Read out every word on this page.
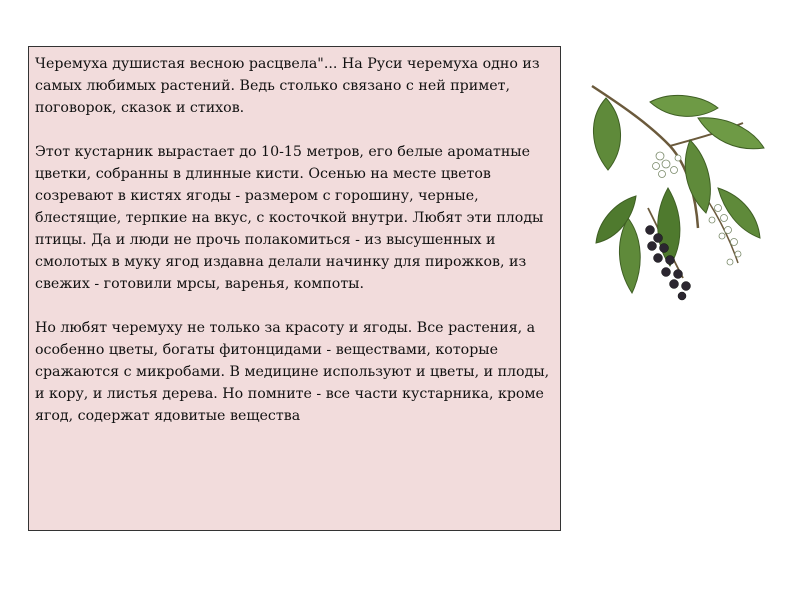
Черемуха душистая весною расцвела"... На Руси черемуха одно из самых любимых растений. Ведь столько связано с ней примет, поговорок, сказок и стихов.

Этот кустарник вырастает до 10-15 метров, его белые ароматные цветки, собранны в длинные кисти. Осенью на месте цветов созревают в кистях ягоды - размером с горошину, черные, блестящие, терпкие на вкус, с косточкой внутри. Любят эти плоды птицы. Да и люди не прочь полакомиться - из высушенных и смолотых в муку ягод издавна делали начинку для пирожков, из свежих - готовили мрсы, варенья, компоты.

Но любят черемуху не только за красоту и ягоды. Все растения, а особенно цветы, богаты фитонцидами - веществами, которые сражаются с микробами. В медицине используют и цветы, и плоды, и кору, и листья дерева. Но помните - все части кустарника, кроме ягод, содержат ядовитые вещества
